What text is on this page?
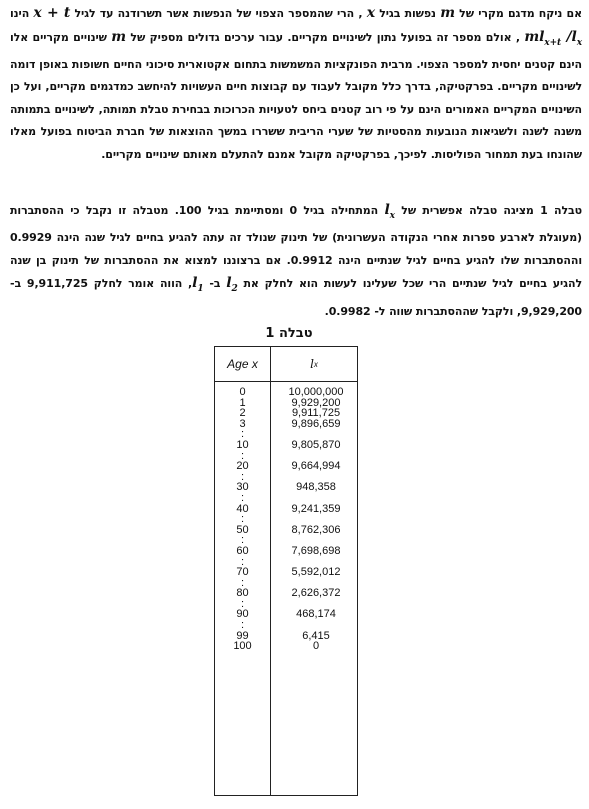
אם ניקח מדגם מקרי של m נפשות בגיל x , הרי שהמספר הצפוי של הנפשות אשר תשרודנה עד לגיל x + t הינו $ml_{x+t}$ $/l_x$ , אולם מספר זה בפועל נתון לשינויים מקריים. עבור ערכים גדולים מספיק של m שינויים מקריים אלו הינם קטנים יחסית למספר הצפוי. מרבית הפונקציות המשמשות בתחום אקטוארית סיכוני החיים חשופות באופן דומה לשינויים מקריים. בפרקטיקה, בדרך כלל מקובל לעבוד עם קבוצות חיים העשויות להיחשב כמדגמים מקריים, ועל כן השינויים המקריים האמורים הינם על פי רוב קטנים ביחס לטעויות הכרוכות בבחירת טבלת תמותה, לשינויים בתמותה משנה לשנה ולשגיאות הנובעות מהסטיות של שערי הריבית ששררו במשך ההוצאות של חברת הביטוח בפועל מאלו שהונחו בעת תמחור הפוליסות. לפיכך, בפרקטיקה מקובל אמנם להתעלם מאותם שינויים מקריים.
טבלה 1 מציגה טבלה אפשרית של $l_x$ המתחילה בגיל 0 ומסתיימת בגיל 100. מטבלה זו נקבל כי ההסתברות (מעוגלת לארבע ספרות אחרי הנקודה העשרונית) של תינוק שנולד זה עתה להגיע בחיים לגיל שנה הינה 0.9929 וההסתברות שלו להגיע בחיים לגיל שנתיים הינה 0.9912. אם ברצוננו למצוא את ההסתברות של תינוק בן שנה להגיע בחיים לגיל שנתיים הרי שכל שעלינו לעשות הוא לחלק את $l_2$ ב- $l_1$, הווה אומר לחלק 9,911,725 ב- 9,929,200, ולקבל שההסתברות שווה ל- 0.9982.
טבלה 1
Age x
0
1
2
3
:
10
:
20
:
30
:
40
:
50
:
60
:
70
:
80
:
90
:
99
100
l x
10,000,000
9,929,200
9,911,725
9,896,659
9,805,870
9,664,994
948,358
9,241,359
8,762,306
7,698,698
5,592,012
2,626,372
468,174
6,415
0
